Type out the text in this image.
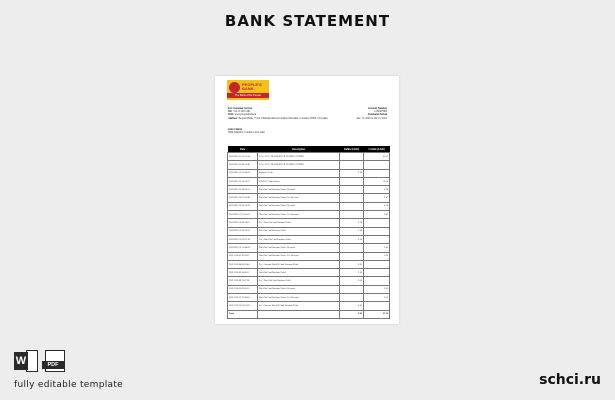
BANK STATEMENT
PEOPLE'S BANK
The Bank of the People
For Customer Service
Tel: +94 11 248 1481
Web: www.peoplesbank.lk
Address: Peoples Bank, 75 Sir Chittampalam A Gardiner Mawatha, Colombo 00200, Sri Lanka
Account Number
1234567890
Statement Period
Dec 15, 2020 to Jan 15, 2021
John Citizen
1890 John Rd, Colombo, Sri Lanka
Date	Description	Debits (LKR)	Credits (LKR)
2020-DEC-16 15:35:14	PCS CA/CC TRANSFER CR TO JOHN CITIZEN		45.57
2020-DEC-18 09:12:40	PCS CA/CC TRANSFER CR TO JOHN CITIZEN		
2020-DEC-20 11:48:03	Payment Credit	3.00	
2020-DEC-21 14:22:57	PAYPAL* John Citizen		70.16
2020-DEC-22 08:30:11	Non Gift Card Purchase Debit - Reversal		4.38
2020-DEC-24 17:05:46	Non Gift Card Purchase Debit - Fee Reversal		0.47
2020-DEC-26 10:15:29	Non Gift Card Purchase Debit - Reversal		4.38
2020-DEC-27 13:41:52	Non Gift Card Purchase Debit - Fee Reversal		0.47
2020-DEC-28 09:58:07	Fee - Non Gift Card Purchase Debit	0.50	
2020-DEC-29 16:20:33	Non Gift Card Purchase Debit	3.00	
2020-DEC-30 12:07:18	Fee - Non Gift Card Purchase Debit	0.50	
2020-DEC-31 15:44:59	Non Gift Card Purchase Debit - Reversal		3.00
2021-JAN-02 10:33:21	Non Gift Card Purchase Debit - Fee Reversal		0.50
2021-JAN-04 08:19:44	Fee - Account Non-US Fund Purchase Debit	0.05	
2021-JAN-06 14:56:12	Non Gift Card Purchase Debit	2.00	
2021-JAN-08 11:27:38	Fee - Non Gift Card Purchase Debit	0.50	
2021-JAN-10 09:03:55	Non Gift Card Purchase Debit - Reversal		2.00
2021-JAN-12 17:38:26	Non Gift Card Purchase Debit - Fee Reversal		0.50
2021-JAN-14 13:12:09	Fee - Account Non-US Fund Purchase Debit	0.05	
Total		8.60	87.28
Page 1/1
W	PDF
fully editable template	schci.ru
